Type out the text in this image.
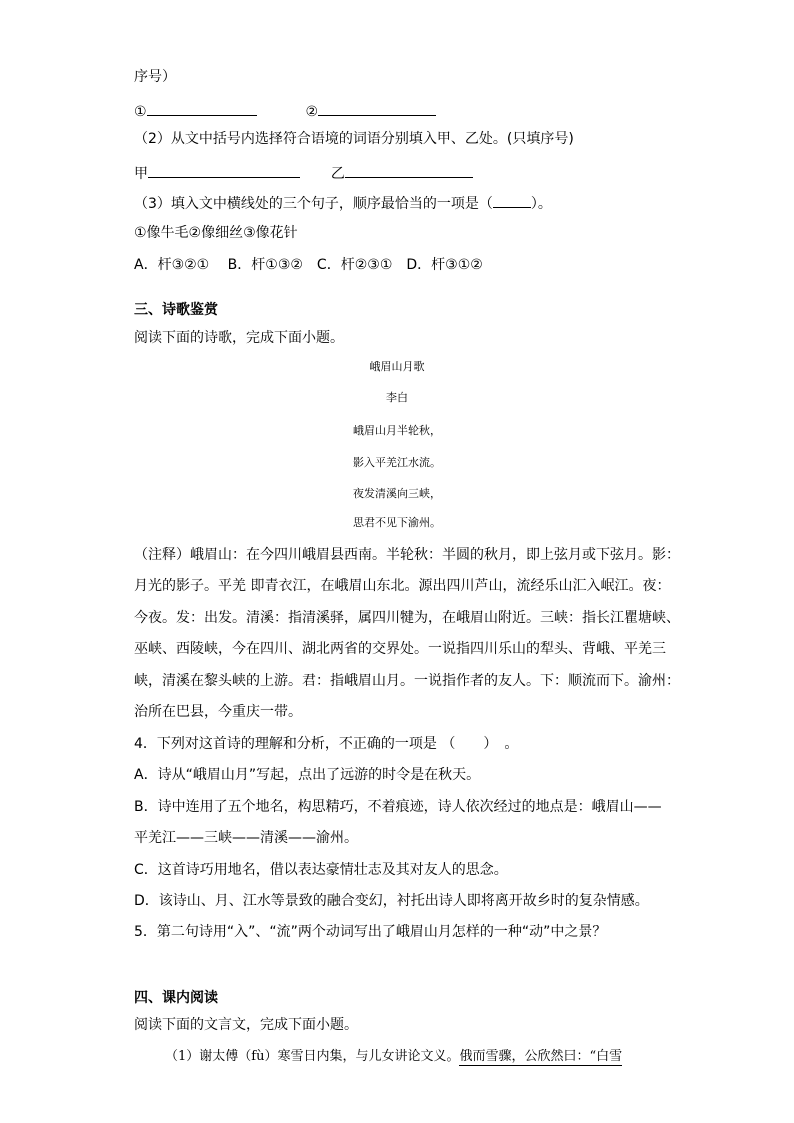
序号）
①	②
（2）从文中括号内选择符合语境的词语分别填入甲、乙处。(只填序号)
甲	乙
（3）填入文中横线处的三个句子，顺序最恰当的一项是（	）。
①像牛毛②像细丝③像花针
A．杆③②①　 B．杆①③②　C．杆②③①　D．杆③①②
三、诗歌鉴赏
阅读下面的诗歌，完成下面小题。
峨眉山月歌
李白
峨眉山月半轮秋，
影入平羌江水流。
夜发清溪向三峡，
思君不见下渝州。
（注释）峨眉山：在今四川峨眉县西南。半轮秋：半圆的秋月，即上弦月或下弦月。影：
月光的影子。平羌 即青衣江，在峨眉山东北。源出四川芦山，流经乐山汇入岷江。夜：
今夜。发：出发。清溪：指清溪驿，属四川犍为，在峨眉山附近。三峡：指长江瞿塘峡、
巫峡、西陵峡，今在四川、湖北两省的交界处。一说指四川乐山的犁头、背峨、平羌三
峡，清溪在黎头峡的上游。君：指峨眉山月。一说指作者的友人。下：顺流而下。渝州：
治所在巴县，今重庆一带。
4．下列对这首诗的理解和分析，不正确的一项是 （　　）　。
A．诗从“峨眉山月”写起，点出了远游的时令是在秋天。
B．诗中连用了五个地名，构思精巧，不着痕迹，诗人依次经过的地点是：峨眉山——
平羌江——三峡——清溪——渝州。
C．这首诗巧用地名，借以表达豪情壮志及其对友人的思念。
D．该诗山、月、江水等景致的融合变幻，衬托出诗人即将离开故乡时的复杂情感。
5．第二句诗用“入”、“流”两个动词写出了峨眉山月怎样的一种“动”中之景？
四、课内阅读
阅读下面的文言文，完成下面小题。
（1）谢太傅（fù）寒雪日内集，与儿女讲论文义。俄而雪骤，公欣然曰：“白雪
